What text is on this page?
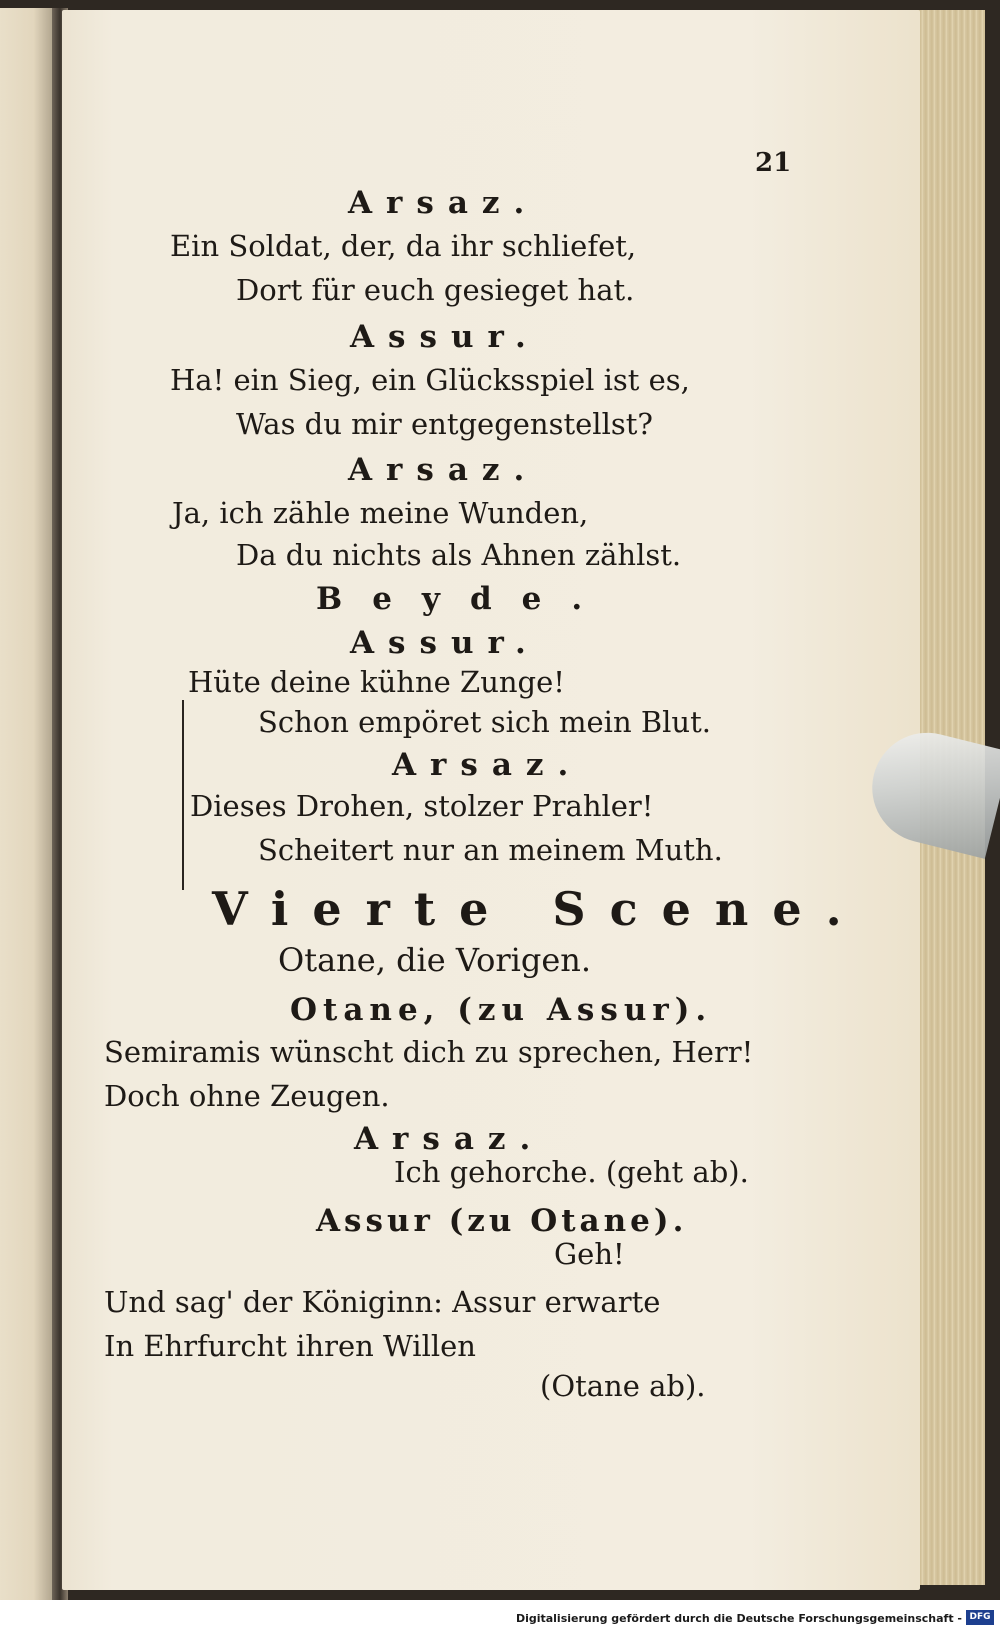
21
Arsaz.
Ein Soldat, der, da ihr schliefet,
Dort für euch gesieget hat.
Assur.
Ha! ein Sieg, ein Glücksspiel ist es,
Was du mir entgegenstellst?
Arsaz.
Ja, ich zähle meine Wunden,
Da du nichts als Ahnen zählst.
Beyde.
Assur.
Hüte deine kühne Zunge!
Schon empöret sich mein Blut.
Arsaz.
Dieses Drohen, stolzer Prahler!
Scheitert nur an meinem Muth.
Vierte Scene.
Otane, die Vorigen.
Otane, (zu Assur).
Semiramis wünscht dich zu sprechen, Herr!
Doch ohne Zeugen.
Arsaz.
Ich gehorche. (geht ab).
Assur (zu Otane).
Geh!
Und sag' der Königinn: Assur erwarte
In Ehrfurcht ihren Willen
(Otane ab).
Digitalisierung gefördert durch die Deutsche Forschungsgemeinschaft - DFG
